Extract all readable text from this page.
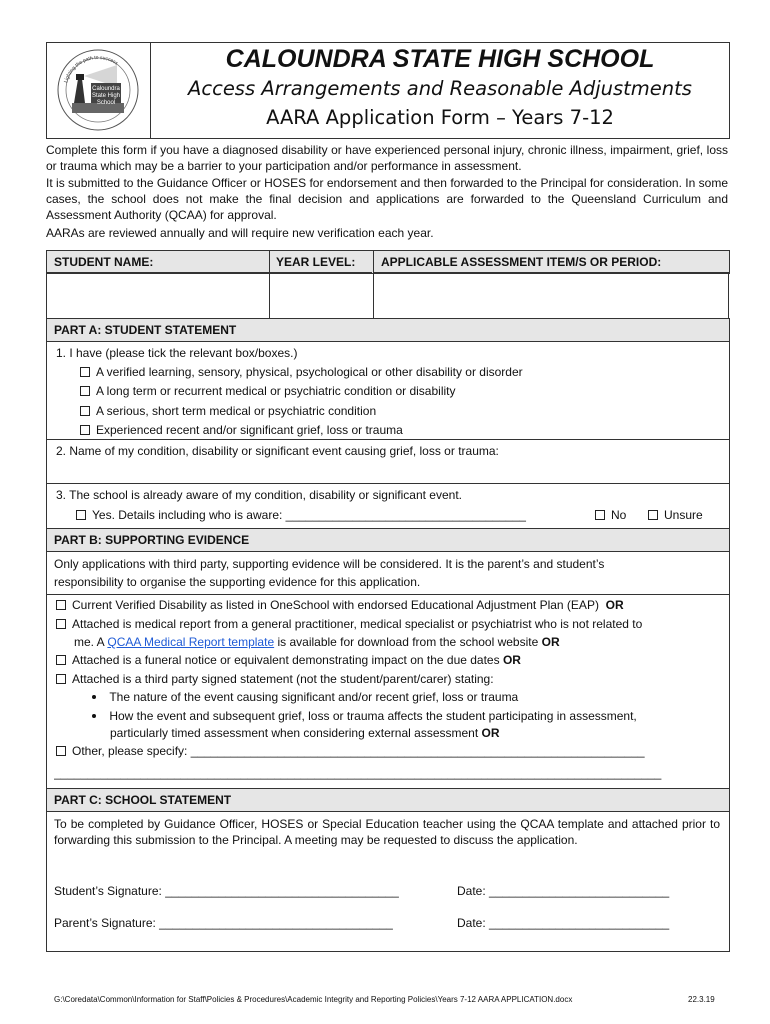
Caloundra
State High
School
Lighting the path to success	CALOUNDRA STATE HIGH SCHOOL
Access Arrangements and Reasonable Adjustments
AARA Application Form – Years 7-12
Complete this form if you have a diagnosed disability or have experienced personal injury, chronic illness, impairment, grief, loss or trauma which may be a barrier to your participation and/or performance in assessment.
It is submitted to the Guidance Officer or HOSES for endorsement and then forwarded to the Principal for consideration. In some cases, the school does not make the final decision and applications are forwarded to the Queensland Curriculum and Assessment Authority (QCAA) for approval.
AARAs are reviewed annually and will require new verification each year.
STUDENT NAME:	YEAR LEVEL: APPLICABLE ASSESSMENT ITEM/S OR PERIOD:
PART A: STUDENT STATEMENT
1. I have (please tick the relevant box/boxes.)
A verified learning, sensory, physical, psychological or other disability or disorder
A long term or recurrent medical or psychiatric condition or disability
A serious, short term medical or psychiatric condition
Experienced recent and/or significant grief, loss or trauma
2. Name of my condition, disability or significant event causing grief, loss or trauma:
3. The school is already aware of my condition, disability or significant event.
Yes. Details including who is aware: ____________________________________	No	Unsure
PART B: SUPPORTING EVIDENCE
Only applications with third party, supporting evidence will be considered. It is the parent’s and student’s
responsibility to organise the supporting evidence for this application.
Current Verified Disability as listed in OneSchool with endorsed Educational Adjustment Plan (EAP) OR
Attached is medical report from a general practitioner, medical specialist or psychiatrist who is not related to
me. A QCAA Medical Report template is available for download from the school website OR
Attached is a funeral notice or equivalent demonstrating impact on the due dates OR
Attached is a third party signed statement (not the student/parent/carer) stating:
The nature of the event causing significant and/or recent grief, loss or trauma
How the event and subsequent grief, loss or trauma affects the student participating in assessment,
particularly timed assessment when considering external assessment OR
Other, please specify: ____________________________________________________________________
___________________________________________________________________________________________
PART C: SCHOOL STATEMENT
To be completed by Guidance Officer, HOSES or Special Education teacher using the QCAA template and attached prior to forwarding this submission to the Principal. A meeting may be requested to discuss the application.
Student’s Signature: ___________________________________	Date: ___________________________
Parent’s Signature: ___________________________________	Date: ___________________________
G:\Coredata\Common\Information for Staff\Policies & Procedures\Academic Integrity and Reporting Policies\Years 7-12 AARA APPLICATION.docx	22.3.19
